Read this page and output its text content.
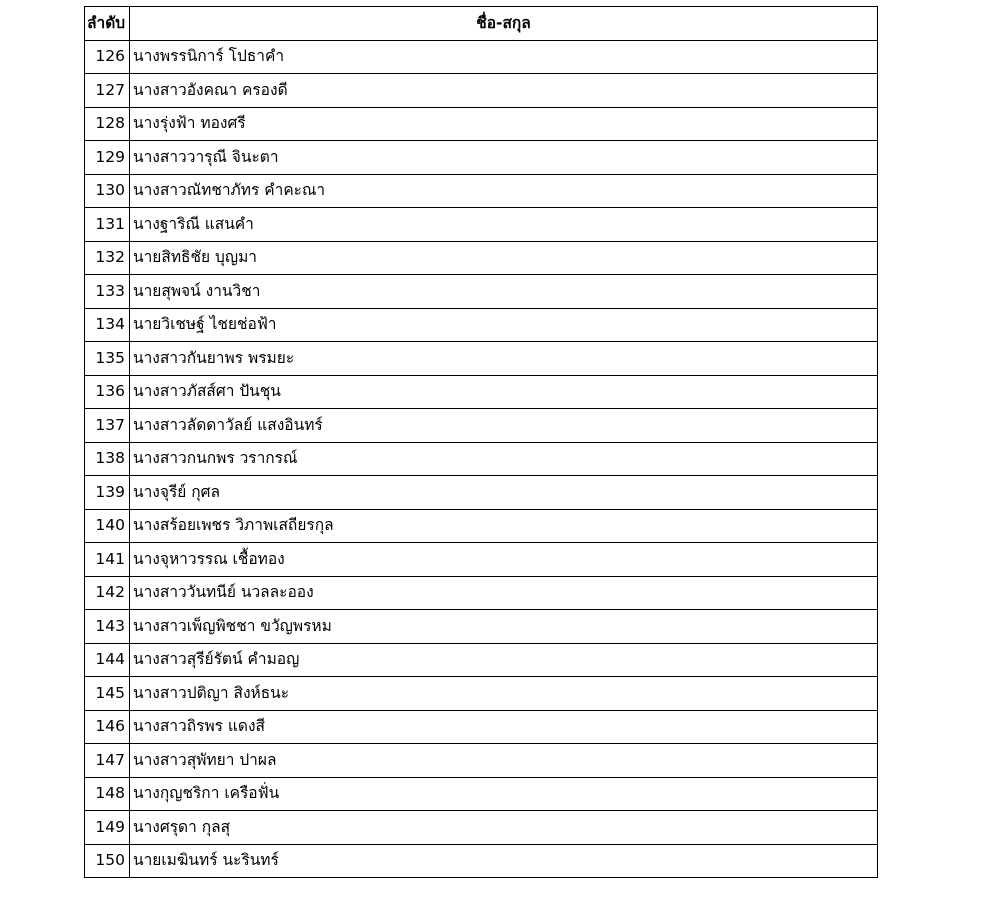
ลำดับ	ชื่อ-สกุล
126	นางพรรนิการ์ โปธาคำ
127	นางสาวอังคณา ครองดี
128	นางรุ่งฟ้า ทองศรี
129	นางสาววารุณี จินะตา
130	นางสาวณัทชาภัทร คำคะณา
131	นางฐาริณี แสนคำ
132	นายสิทธิชัย บุญมา
133	นายสุพจน์ งานวิชา
134	นายวิเชษฐ์ ไชยช่อฟ้า
135	นางสาวกันยาพร พรมยะ
136	นางสาวภัสส์ศา ปันชุน
137	นางสาวลัดดาวัลย์ แสงอินทร์
138	นางสาวกนกพร วรากรณ์
139	นางจุรีย์ กุศล
140	นางสร้อยเพชร วิภาพเสถียรกุล
141	นางจุหาวรรณ เชื้อทอง
142	นางสาววันทนีย์ นวลละออง
143	นางสาวเพ็ญพิชชา ขวัญพรหม
144	นางสาวสุรีย์รัตน์ คำมอญ
145	นางสาวปติญา สิงห์ธนะ
146	นางสาวถิรพร แดงสี
147	นางสาวสุพัทยา ปาผล
148	นางกุญชริกา เครือฟั่น
149	นางศรุดา กุลสุ
150	นายเมฆินทร์ นะรินทร์
